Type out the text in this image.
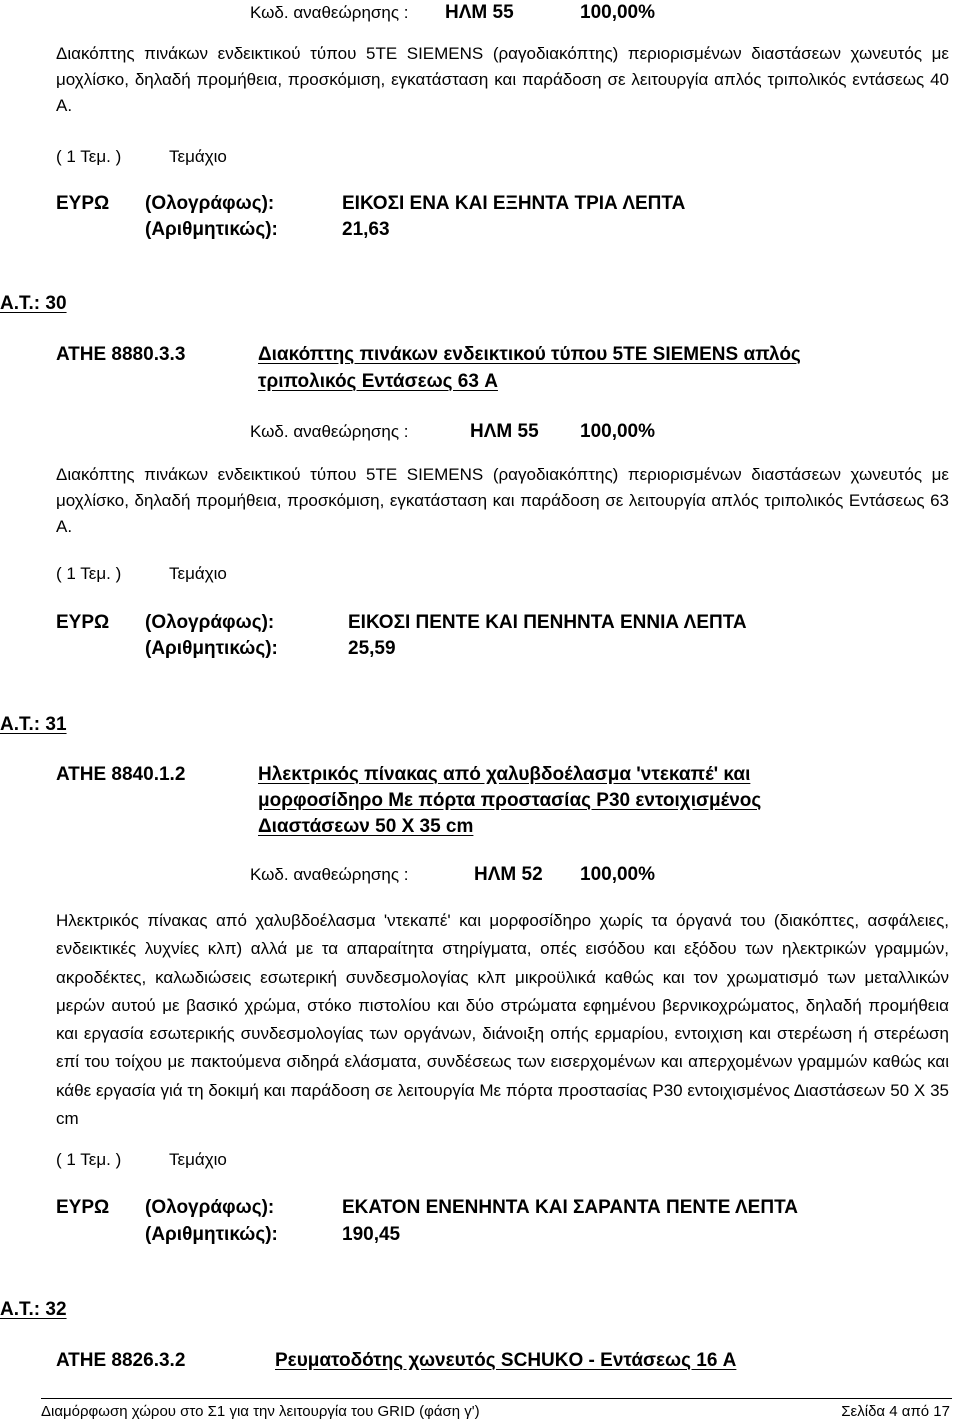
Κωδ. αναθεώρησης : ΗΛΜ 55	100,00%
Διακόπτης πινάκων ενδεικτικού τύπου 5TE SIEMENS (ραγοδιακόπτης) περιορισμένων διαστάσεων χωνευτός με μοχλίσκο, δηλαδή προμήθεια, προσκόμιση, εγκατάσταση και παράδοση σε λειτουργία απλός τριπολικός εντάσεως 40 A.
( 1 Τεμ. )	Τεμάχιο
ΕΥΡΩ (Ολογράφως):	ΕΙΚΟΣΙ ΕΝΑ ΚΑΙ ΕΞΗΝΤΑ ΤΡΙΑ ΛΕΠΤΑ
(Αριθμητικώς):	21,63
Α.Τ.: 30
ΑΤΗΕ 8880.3.3	Διακόπτης πινάκων ενδεικτικού τύπου 5TE SIEMENS απλός
τριπολικός Εντάσεως 63 A
Κωδ. αναθεώρησης :	ΗΛΜ 55 100,00%
Διακόπτης πινάκων ενδεικτικού τύπου 5TE SIEMENS (ραγοδιακόπτης) περιορισμένων διαστάσεων χωνευτός με μοχλίσκο, δηλαδή προμήθεια, προσκόμιση, εγκατάσταση και παράδοση σε λειτουργία απλός τριπολικός Εντάσεως 63 A.
( 1 Τεμ. )	Τεμάχιο
ΕΥΡΩ (Ολογράφως):	ΕΙΚΟΣΙ ΠΕΝΤΕ ΚΑΙ ΠΕΝΗΝΤΑ ΕΝΝΙΑ ΛΕΠΤΑ
(Αριθμητικώς):	25,59
Α.Τ.: 31
ΑΤΗΕ 8840.1.2	Ηλεκτρικός πίνακας από χαλυβδοέλασμα 'ντεκαπέ' και
μορφοσίδηρο Με πόρτα προστασίας P30 εντοιχισμένος
Διαστάσεων 50 Χ 35 cm
Κωδ. αναθεώρησης :	ΗΛΜ 52 100,00%
Ηλεκτρικός πίνακας από χαλυβδοέλασμα 'ντεκαπέ' και μορφοσίδηρο χωρίς τα όργανά του (διακόπτες, ασφάλειες, ενδεικτικές λυχνίες κλπ) αλλά με τα απαραίτητα στηρίγματα, οπές εισόδου και εξόδου των ηλεκτρικών γραμμών, ακροδέκτες, καλωδιώσεις εσωτερική συνδεσμολογίας κλπ μικροϋλικά καθώς και τον χρωματισμό των μεταλλικών μερών αυτού με βασικό χρώμα, στόκο πιστολίου και δύο στρώματα εφημένου βερνικοχρώματος, δηλαδή προμήθεια και εργασία εσωτερικής συνδεσμολογίας των οργάνων, διάνοιξη οπής ερμαρίου, εντοιχιση και στερέωση ή στερέωση επί του τοίχου με πακτούμενα σιδηρά ελάσματα, συνδέσεως των εισερχομένων και απερχομένων γραμμών καθώς και κάθε εργασία γιά τη δοκιμή και παράδοση σε λειτουργία Με πόρτα προστασίας P30 εντοιχισμένος Διαστάσεων 50 Χ 35 cm
( 1 Τεμ. )	Τεμάχιο
ΕΥΡΩ (Ολογράφως):	ΕΚΑΤΟΝ ΕΝΕΝΗΝΤΑ ΚΑΙ ΣΑΡΑΝΤΑ ΠΕΝΤΕ ΛΕΠΤΑ
(Αριθμητικώς):	190,45
Α.Τ.: 32
ΑΤΗΕ 8826.3.2	Ρευματοδότης χωνευτός SCHUKO - Εντάσεως 16 A
Διαμόρφωση χώρου στο Σ1 για την λειτουργία του GRID (φάση γ')	Σελίδα 4 από 17
